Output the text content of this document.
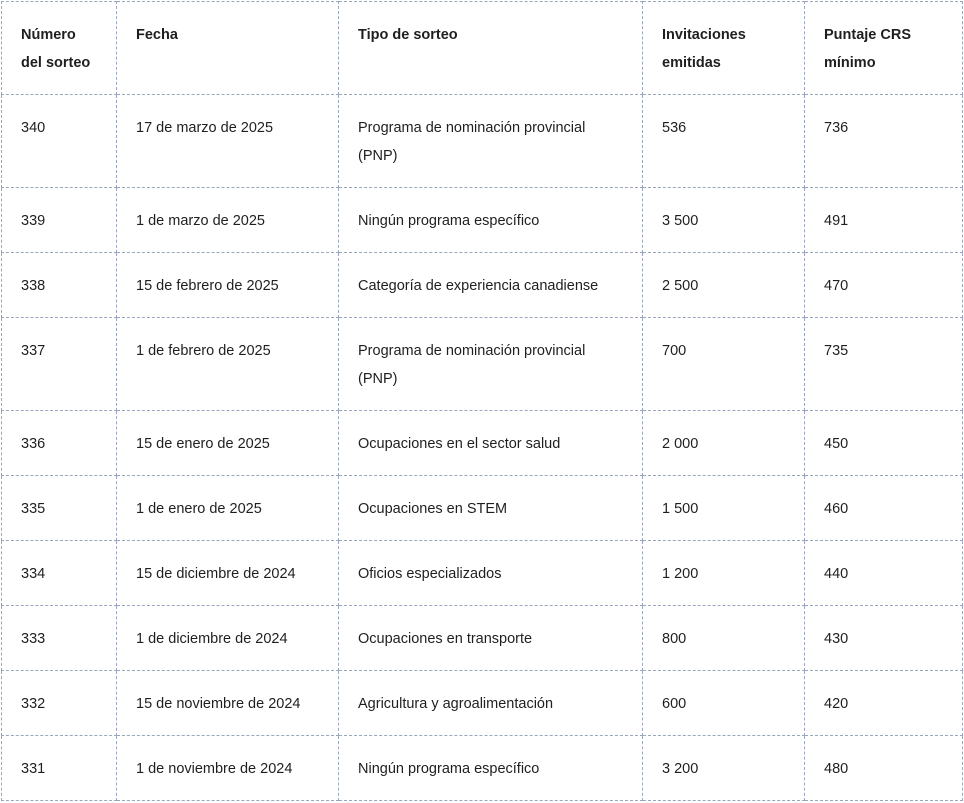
Número del sorteo	Fecha	Tipo de sorteo	Invitaciones emitidas	Puntaje CRS mínimo
340	17 de marzo de 2025	Programa de nominación provincial (PNP)	536	736
339	1 de marzo de 2025	Ningún programa específico	3 500	491
338	15 de febrero de 2025	Categoría de experiencia canadiense	2 500	470
337	1 de febrero de 2025	Programa de nominación provincial (PNP)	700	735
336	15 de enero de 2025	Ocupaciones en el sector salud	2 000	450
335	1 de enero de 2025	Ocupaciones en STEM	1 500	460
334	15 de diciembre de 2024	Oficios especializados	1 200	440
333	1 de diciembre de 2024	Ocupaciones en transporte	800	430
332	15 de noviembre de 2024	Agricultura y agroalimentación	600	420
331	1 de noviembre de 2024	Ningún programa específico	3 200	480
